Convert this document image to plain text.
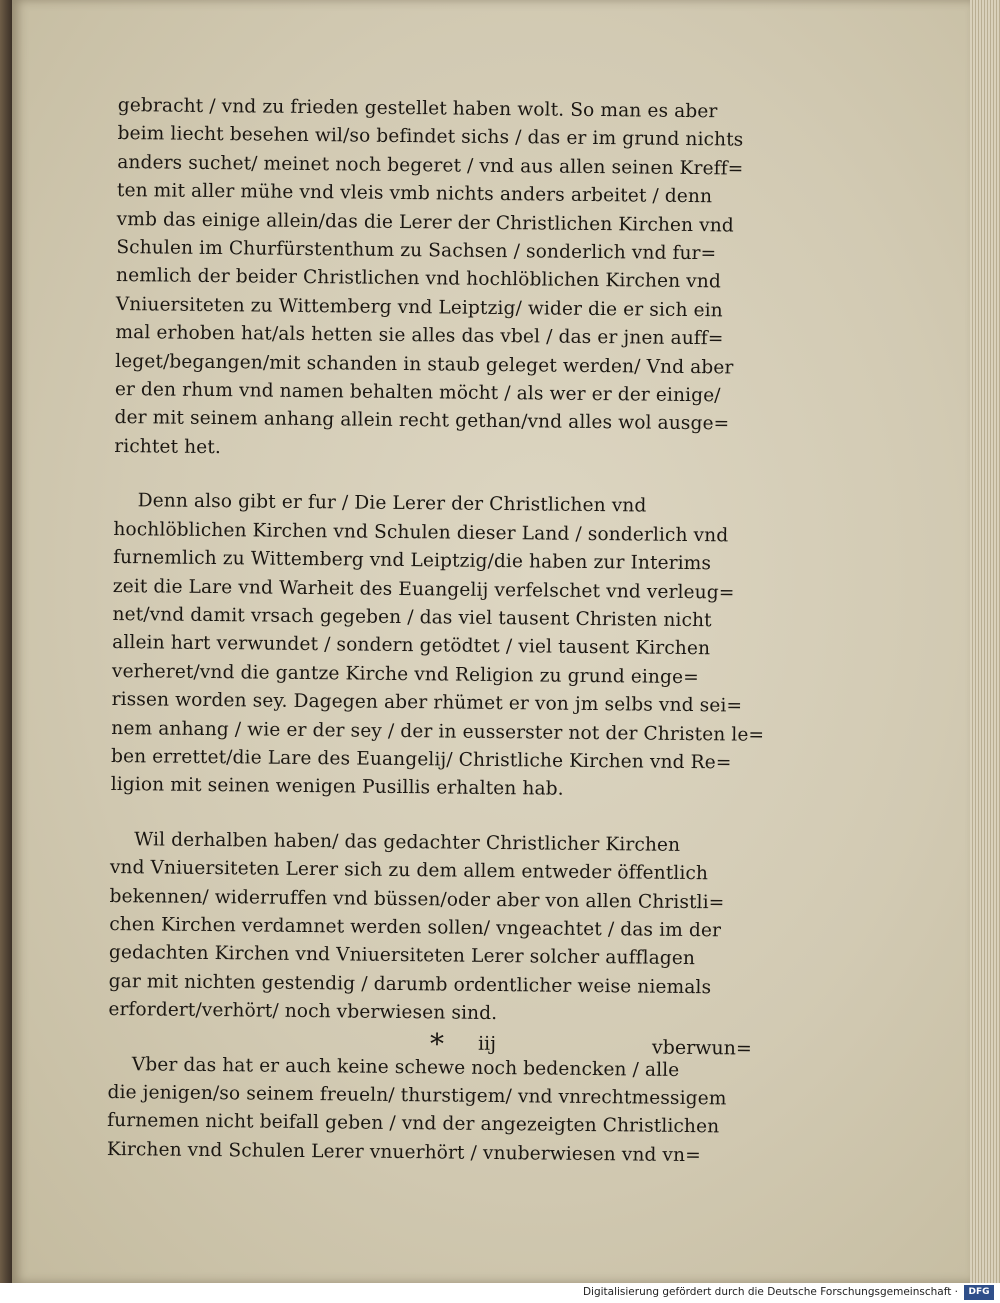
gebracht / vnd zu frieden gestellet haben wolt. So man es aber
beim liecht besehen wil/so befindet sichs / das er im grund nichts
anders suchet/ meinet noch begeret / vnd aus allen seinen Kreff=
ten mit aller mühe vnd vleis vmb nichts anders arbeitet / denn
vmb das einige allein/das die Lerer der Christlichen Kirchen vnd
Schulen im Churfürstenthum zu Sachsen / sonderlich vnd fur=
nemlich der beider Christlichen vnd hochlöblichen Kirchen vnd
Vniuersiteten zu Wittemberg vnd Leiptzig/ wider die er sich ein
mal erhoben hat/als hetten sie alles das vbel / das er jnen auff=
leget/begangen/mit schanden in staub geleget werden/ Vnd aber
er den rhum vnd namen behalten möcht / als wer er der einige/
der mit seinem anhang allein recht gethan/vnd alles wol ausge=
richtet het.
Denn also gibt er fur / Die Lerer der Christlichen vnd
hochlöblichen Kirchen vnd Schulen dieser Land / sonderlich vnd
furnemlich zu Wittemberg vnd Leiptzig/die haben zur Interims
zeit die Lare vnd Warheit des Euangelij verfelschet vnd verleug=
net/vnd damit vrsach gegeben / das viel tausent Christen nicht
allein hart verwundet / sondern getödtet / viel tausent Kirchen
verheret/vnd die gantze Kirche vnd Religion zu grund einge=
rissen worden sey. Dagegen aber rhümet er von jm selbs vnd sei=
nem anhang / wie er der sey / der in eusserster not der Christen le=
ben errettet/die Lare des Euangelij/ Christliche Kirchen vnd Re=
ligion mit seinen wenigen Pusillis erhalten hab.
Wil derhalben haben/ das gedachter Christlicher Kirchen
vnd Vniuersiteten Lerer sich zu dem allem entweder öffentlich
bekennen/ widerruffen vnd büssen/oder aber von allen Christli=
chen Kirchen verdamnet werden sollen/ vngeachtet / das im der
gedachten Kirchen vnd Vniuersiteten Lerer solcher aufflagen
gar mit nichten gestendig / darumb ordentlicher weise niemals
erfordert/verhört/ noch vberwiesen sind.
Vber das hat er auch keine schewe noch bedencken / alle
die jenigen/so seinem freueln/ thurstigem/ vnd vnrechtmessigem
furnemen nicht beifall geben / vnd der angezeigten Christlichen
Kirchen vnd Schulen Lerer vnuerhört / vnuberwiesen vnd vn=
* iij	vberwun=
Digitalisierung gefördert durch die Deutsche Forschungsgemeinschaft ·	DFG
